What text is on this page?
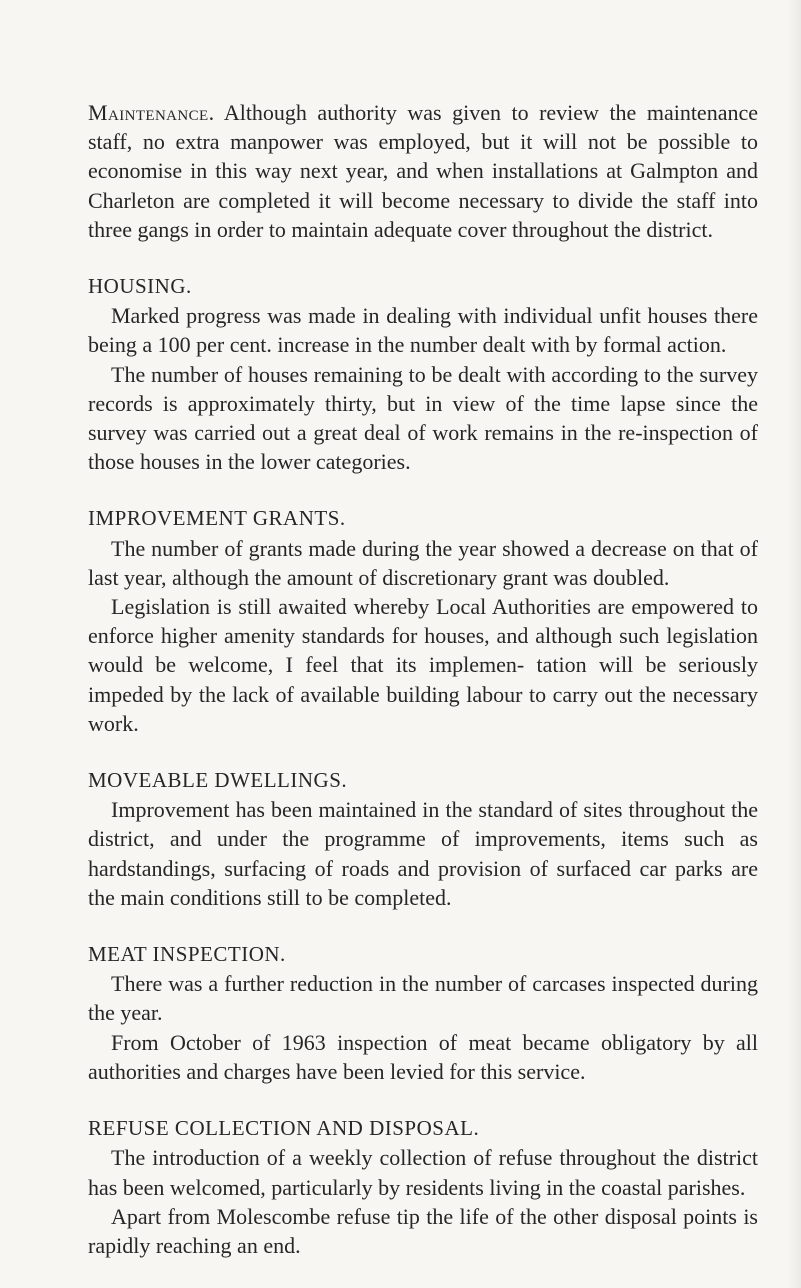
Maintenance. Although authority was given to review the maintenance staff, no extra manpower was employed, but it will not be possible to economise in this way next year, and when installations at Galmpton and Charleton are completed it will become necessary to divide the staff into three gangs in order to maintain adequate cover throughout the district.

HOUSING.

Marked progress was made in dealing with individual unfit houses there being a 100 per cent. increase in the number dealt with by formal action.

The number of houses remaining to be dealt with according to the survey records is approximately thirty, but in view of the time lapse since the survey was carried out a great deal of work remains in the re-inspection of those houses in the lower categories.

IMPROVEMENT GRANTS.

The number of grants made during the year showed a decrease on that of last year, although the amount of discretionary grant was doubled.

Legislation is still awaited whereby Local Authorities are empowered to enforce higher amenity standards for houses, and although such legislation would be welcome, I feel that its implemen- tation will be seriously impeded by the lack of available building labour to carry out the necessary work.

MOVEABLE DWELLINGS.

Improvement has been maintained in the standard of sites throughout the district, and under the programme of improvements, items such as hardstandings, surfacing of roads and provision of surfaced car parks are the main conditions still to be completed.

MEAT INSPECTION.

There was a further reduction in the number of carcases inspected during the year.

From October of 1963 inspection of meat became obligatory by all authorities and charges have been levied for this service.

REFUSE COLLECTION AND DISPOSAL.

The introduction of a weekly collection of refuse throughout the district has been welcomed, particularly by residents living in the coastal parishes.

Apart from Molescombe refuse tip the life of the other disposal points is rapidly reaching an end.
